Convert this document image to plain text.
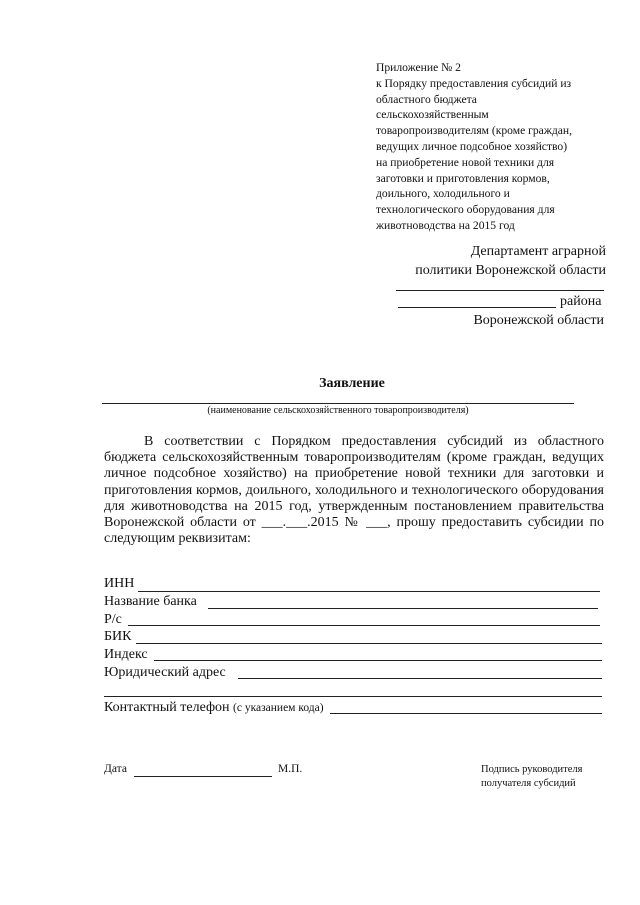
Приложение № 2
к Порядку предоставления субсидий из
областного бюджета
сельскохозяйственным
товаропроизводителям (кроме граждан,
ведущих личное подсобное хозяйство)
на приобретение новой техники для
заготовки и приготовления кормов,
доильного, холодильного и
технологического оборудования для
животноводства на 2015 год
Департамент аграрной
политики Воронежской области
района
Воронежской области
Заявление
(наименование сельскохозяйственного товаропроизводителя)

В соответствии с Порядком предоставления субсидий из областного бюджета сельскохозяйственным товаропроизводителям (кроме граждан, ведущих личное подсобное хозяйство) на приобретение новой техники для заготовки и приготовления кормов, доильного, холодильного и технологического оборудования для животноводства на 2015 год, утвержденным постановлением правительства Воронежской области от ___.___.2015 № ___, прошу предоставить субсидии по следующим реквизитам:

ИНН
Название банка
Р/с
БИК
Индекс
Юридический адрес
Контактный телефон (с указанием кода)
Дата	М.П.	Подпись руководителя
получателя субсидий
